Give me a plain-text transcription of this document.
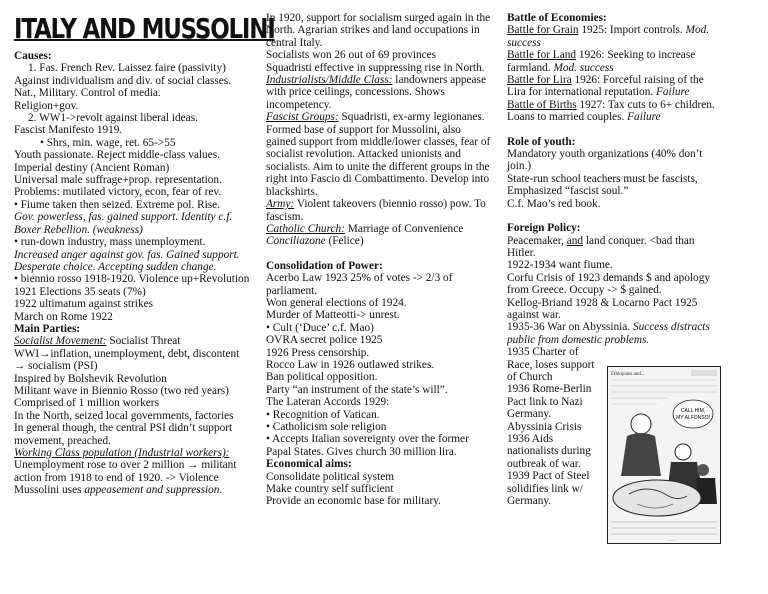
ITALY AND MUSSOLINI
Causes:
1. Fas. French Rev. Laissez faire (passivity)
Against individualism and div. of social classes.
Nat., Military. Control of media.
Religion+gov.
2. WW1->revolt against liberal ideas.
Fascist Manifesto 1919.
• Shrs, min. wage, ret. 65->55
Youth passionate. Reject middle-class values.
Imperial destiny (Ancient Roman)
Universal male suffrage+prop. representation.
Problems: mutilated victory, econ, fear of rev.
• Fiume taken then seized. Extreme pol. Rise.
Gov. powerless, fas. gained support. Identity c.f. Boxer Rebellion. (weakness)
• run-down industry, mass unemployment.
Increased anger against gov. fas. Gained support. Desperate choice. Accepting sudden change.
• biennio rosso 1918-1920. Violence up+Revolution
1921 Elections 35 seats (7%)
1922 ultimatum against strikes
March on Rome 1922
Main Parties:
Socialist Movement: Socialist Threat
WWI→inflation, unemployment, debt, discontent → socialism (PSI)
Inspired by Bolshevik Revolution
Militant wave in Biennio Rosso (two red years)
Comprised of 1 million workers
In the North, seized local governments, factories
In general though, the central PSI didn’t support movement, preached.
Working Class population (Industrial workers):
Unemployment rose to over 2 million → militant action from 1918 to end of 1920. -> Violence
Mussolini uses appeasement and suppression.
In 1920, support for socialism surged again in the North. Agrarian strikes and land occupations in central Italy.
Socialists won 26 out of 69 provinces
Squadristi effective in suppressing rise in North.
Industrialists/Middle Class: landowners appease with price ceilings, concessions. Shows incompetency.
Fascist Groups: Squadristi, ex-army legionanes. Formed base of support for Mussolini, also gained support from middle/lower classes, fear of socialist revolution. Attacked unionists and socialists. Aim to unite the different groups in the right into Fascio di Combattimento. Develop into blackshirts.
Army: Violent takeovers (biennio rosso) pow. To fascism.
Catholic Church: Marriage of Convenience Conciliazone (Felice)
Consolidation of Power:
Acerbo Law 1923 25% of votes -> 2/3 of parliament.
Won general elections of 1924.
Murder of Matteotti-> unrest.
• Cult (‘Duce’ c.f. Mao)
OVRA secret police 1925
1926 Press censorship.
Rocco Law in 1926 outlawed strikes.
Ban political opposition.
Party “an instrument of the state’s will”.
The Lateran Accords 1929:
• Recognition of Vatican.
• Catholicism sole religion
• Accepts Italian sovereignty over the former Papal States. Gives church 30 million lira.
Economical aims:
Consolidate political system
Make country self sufficient
Provide an economic base for military.
Battle of Economies:
Battle for Grain 1925: Import controls. Mod. success
Battle for Land 1926: Seeking to increase farmland. Mod. success
Battle for Lira 1926: Forceful raising of the Lira for international reputation. Failure
Battle of Births 1927: Tax cuts to 6+ children. Loans to married couples. Failure
Role of youth:
Mandatory youth organizations (40% don’t join.)
State-run school teachers must be fascists, Emphasized “fascist soul.”
C.f. Mao’s red book.
Foreign Policy:
Peacemaker, and land conquer. <bad than Hitler.
1922-1934 want fiume.
Corfu Crisis of 1923 demands $ and apology from Greece. Occupy -> $ gained.
Kellog-Briand 1928 & Locarno Pact 1925 against war.
1935-36 War on Abyssinia. Success distracts public from domestic problems.
1935 Charter of Race, loses support of Church
1936 Rome-Berlin Pact link to Nazi Germany.
Abyssinia Crisis 1936 Aids nationalists during outbreak of war.
1939 Pact of Steel solidifies link w/ Germany.
Ethiopians and...
CALL HIM,
MY ALFONSO!
........
